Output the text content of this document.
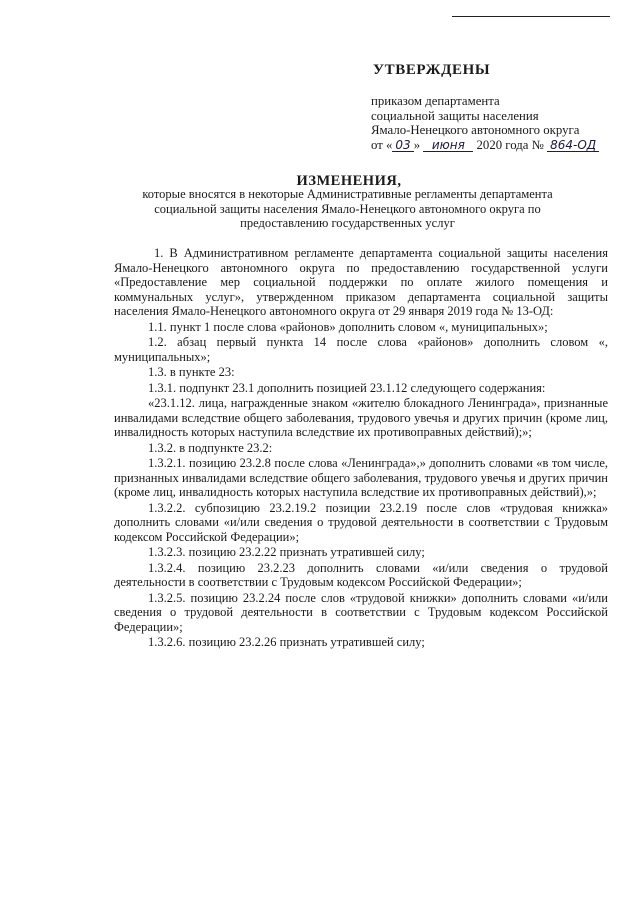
УТВЕРЖДЕНЫ
приказом департамента
социальной защиты населения
Ямало-Ненецкого автономного округа
от « 03 » июня 2020 года № 864-ОД
ИЗМЕНЕНИЯ,
которые вносятся в некоторые Административные регламенты департамента социальной защиты населения Ямало-Ненецкого автономного округа по предоставлению государственных услуг

1. В Административном регламенте департамента социальной защиты населения Ямало-Ненецкого автономного округа по предоставлению государственной услуги «Предоставление мер социальной поддержки по оплате жилого помещения и коммунальных услуг», утвержденном приказом департамента социальной защиты населения Ямало-Ненецкого автономного округа от 29 января 2019 года № 13-ОД:

1.1. пункт 1 после слова «районов» дополнить словом «, муниципальных»;

1.2. абзац первый пункта 14 после слова «районов» дополнить словом «, муниципальных»;

1.3. в пункте 23:

1.3.1. подпункт 23.1 дополнить позицией 23.1.12 следующего содержания:

«23.1.12. лица, награжденные знаком «жителю блокадного Ленинграда», признанные инвалидами вследствие общего заболевания, трудового увечья и других причин (кроме лиц, инвалидность которых наступила вследствие их противоправных действий);»;

1.3.2. в подпункте 23.2:

1.3.2.1. позицию 23.2.8 после слова «Ленинграда»,» дополнить словами «в том числе, признанных инвалидами вследствие общего заболевания, трудового увечья и других причин (кроме лиц, инвалидность которых наступила вследствие их противоправных действий),»;

1.3.2.2. субпозицию 23.2.19.2 позиции 23.2.19 после слов «трудовая книжка» дополнить словами «и/или сведения о трудовой деятельности в соответствии с Трудовым кодексом Российской Федерации»;

1.3.2.3. позицию 23.2.22 признать утратившей силу;

1.3.2.4. позицию 23.2.23 дополнить словами «и/или сведения о трудовой деятельности в соответствии с Трудовым кодексом Российской Федерации»;

1.3.2.5. позицию 23.2.24 после слов «трудовой книжки» дополнить словами «и/или сведения о трудовой деятельности в соответствии с Трудовым кодексом Российской Федерации»;

1.3.2.6. позицию 23.2.26 признать утратившей силу;
